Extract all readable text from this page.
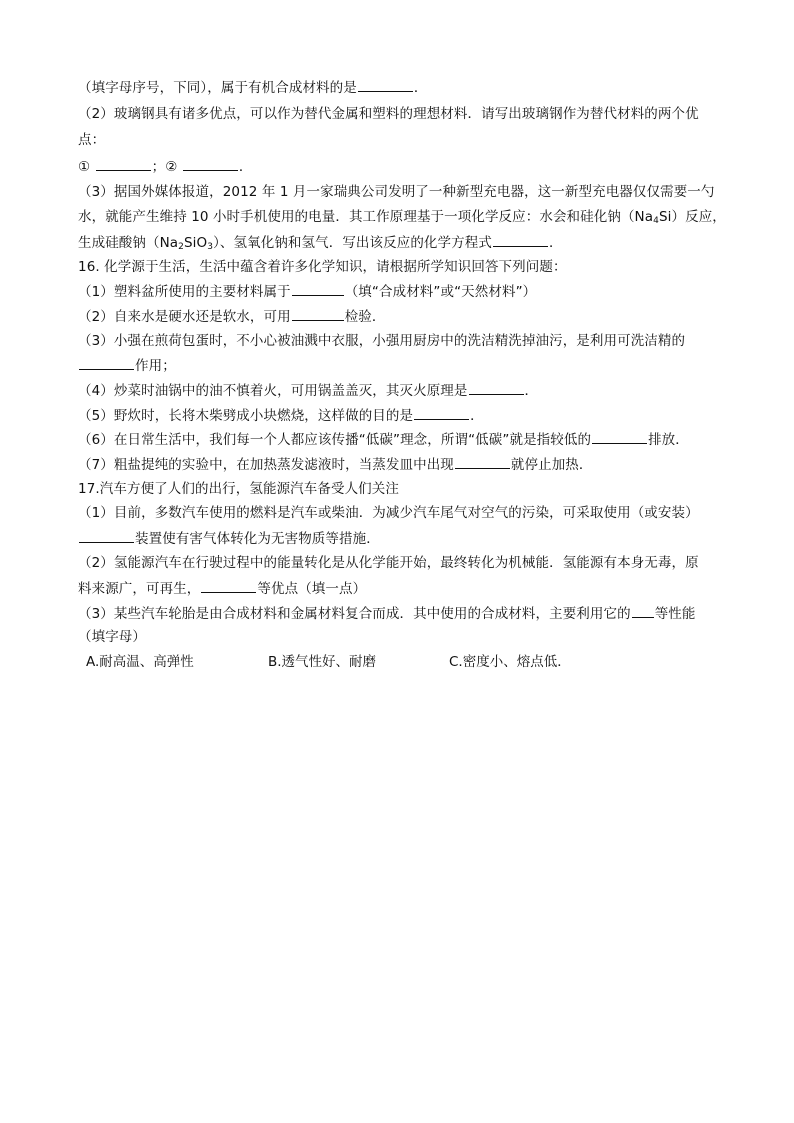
（填字母序号，下同），属于有机合成材料的是	．
（2）玻璃钢具有诸多优点，可以作为替代金属和塑料的理想材料．请写出玻璃钢作为替代材料的两个优
点：
①	；②	．
（3）据国外媒体报道，2012 年 1 月一家瑞典公司发明了一种新型充电器，这一新型充电器仅仅需要一勺
水，就能产生维持 10 小时手机使用的电量．其工作原理基于一项化学反应：水会和硅化钠$(Na_4Si)$反应，
生成硅酸钠$(Na_2SiO_3)$、氢氧化钠和氢气．写出该反应的化学方程式	．
16. 化学源于生活，生活中蕴含着许多化学知识，请根据所学知识回答下列问题：
（1）塑料盆所使用的主要材料属于	（填“合成材料”或“天然材料”）
（2）自来水是硬水还是软水，可用	检验．
（3）小强在煎荷包蛋时，不小心被油溅中衣服，小强用厨房中的洗洁精洗掉油污，是利用可洗洁精的
作用；
（4）炒菜时油锅中的油不慎着火，可用锅盖盖灭，其灭火原理是	．
（5）野炊时，长将木柴劈成小块燃烧，这样做的目的是	．
（6）在日常生活中，我们每一个人都应该传播“低碳”理念，所谓“低碳”就是指较低的	排放．
（7）粗盐提纯的实验中，在加热蒸发滤液时，当蒸发皿中出现	就停止加热．
17.汽车方便了人们的出行，氢能源汽车备受人们关注
（1）目前，多数汽车使用的燃料是汽车或柴油．为减少汽车尾气对空气的污染，可采取使用（或安装）
装置使有害气体转化为无害物质等措施．
（2）氢能源汽车在行驶过程中的能量转化是从化学能开始，最终转化为机械能．氢能源有本身无毒，原
料来源广，可再生，	等优点（填一点）
（3）某些汽车轮胎是由合成材料和金属材料复合而成．其中使用的合成材料，主要利用它的 等性能
（填字母）
A.耐高温、高弹性	B.透气性好、耐磨	C.密度小、熔点低．
